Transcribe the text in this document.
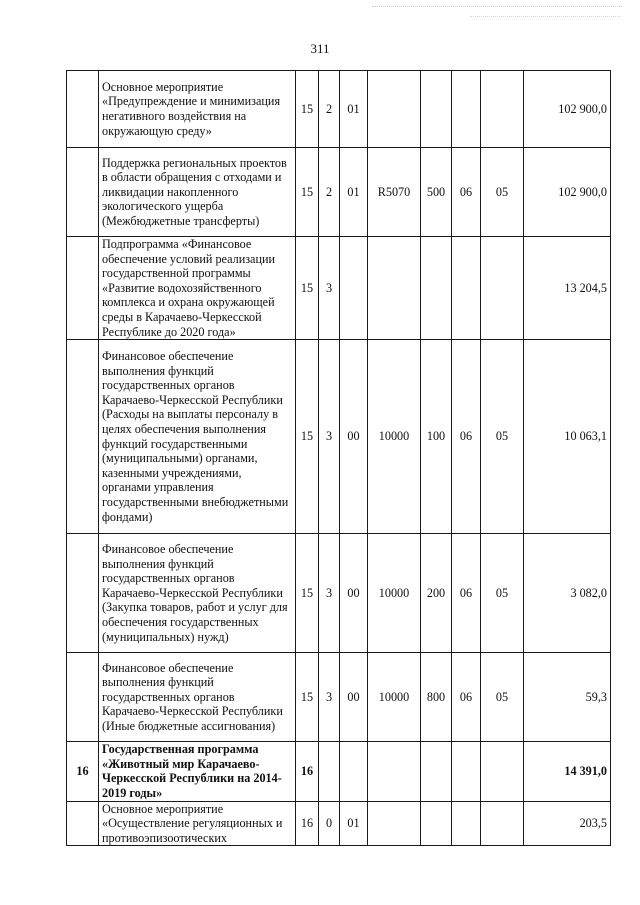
311
	Основное мероприятие «Предупреждение и минимизация негативного воздействия на окружающую среду»	15	2	01					102 900,0
	Поддержка региональных проектов в области обращения с отходами и ликвидации накопленного экологического ущерба (Межбюджетные трансферты)	15	2	01	R5070	500	06	05	102 900,0
	Подпрограмма «Финансовое обеспечение условий реализации государственной программы «Развитие водохозяйственного комплекса и охрана окружающей среды в Карачаево-Черкесской Республике до 2020 года»	15	3						13 204,5
	Финансовое обеспечение выполнения функций государственных органов Карачаево-Черкесской Республики (Расходы на выплаты персоналу в целях обеспечения выполнения функций государственными (муниципальными) органами, казенными учреждениями, органами управления государственными внебюджетными фондами)	15	3	00	10000	100	06	05	10 063,1
	Финансовое обеспечение выполнения функций государственных органов Карачаево-Черкесской Республики (Закупка товаров, работ и услуг для обеспечения государственных (муниципальных) нужд)	15	3	00	10000	200	06	05	3 082,0
	Финансовое обеспечение выполнения функций государственных органов Карачаево-Черкесской Республики (Иные бюджетные ассигнования)	15	3	00	10000	800	06	05	59,3
16	Государственная программа «Животный мир Карачаево-Черкесской Республики на 2014-2019 годы»	16							14 391,0
	Основное мероприятие «Осуществление регуляционных и противоэпизоотических	16	0	01					203,5
